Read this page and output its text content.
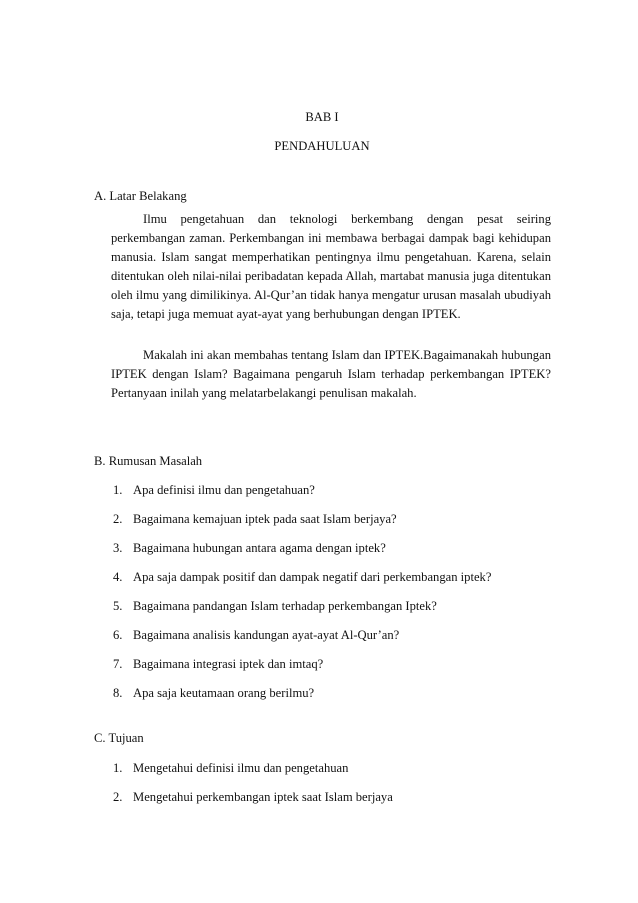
BAB I
PENDAHULUAN
A. Latar Belakang
Ilmu pengetahuan dan teknologi berkembang dengan pesat seiring perkembangan zaman. Perkembangan ini membawa berbagai dampak bagi kehidupan manusia. Islam sangat memperhatikan pentingnya ilmu pengetahuan. Karena, selain ditentukan oleh nilai-nilai peribadatan kepada Allah, martabat manusia juga ditentukan oleh ilmu yang dimilikinya. Al-Qur’an tidak hanya mengatur urusan masalah ubudiyah saja, tetapi juga memuat ayat-ayat yang berhubungan dengan IPTEK.
Makalah ini akan membahas tentang Islam dan IPTEK.Bagaimanakah hubungan IPTEK dengan Islam? Bagaimana pengaruh Islam terhadap perkembangan IPTEK? Pertanyaan inilah yang melatarbelakangi penulisan makalah.
B. Rumusan Masalah
1. Apa definisi ilmu dan pengetahuan?
2. Bagaimana kemajuan iptek pada saat Islam berjaya?
3. Bagaimana hubungan antara agama dengan iptek?
4. Apa saja dampak positif dan dampak negatif dari perkembangan iptek?
5. Bagaimana pandangan Islam terhadap perkembangan Iptek?
6. Bagaimana analisis kandungan ayat-ayat Al-Qur’an?
7. Bagaimana integrasi iptek dan imtaq?
8. Apa saja keutamaan orang berilmu?
C. Tujuan
1. Mengetahui definisi ilmu dan pengetahuan
2. Mengetahui perkembangan iptek saat Islam berjaya
